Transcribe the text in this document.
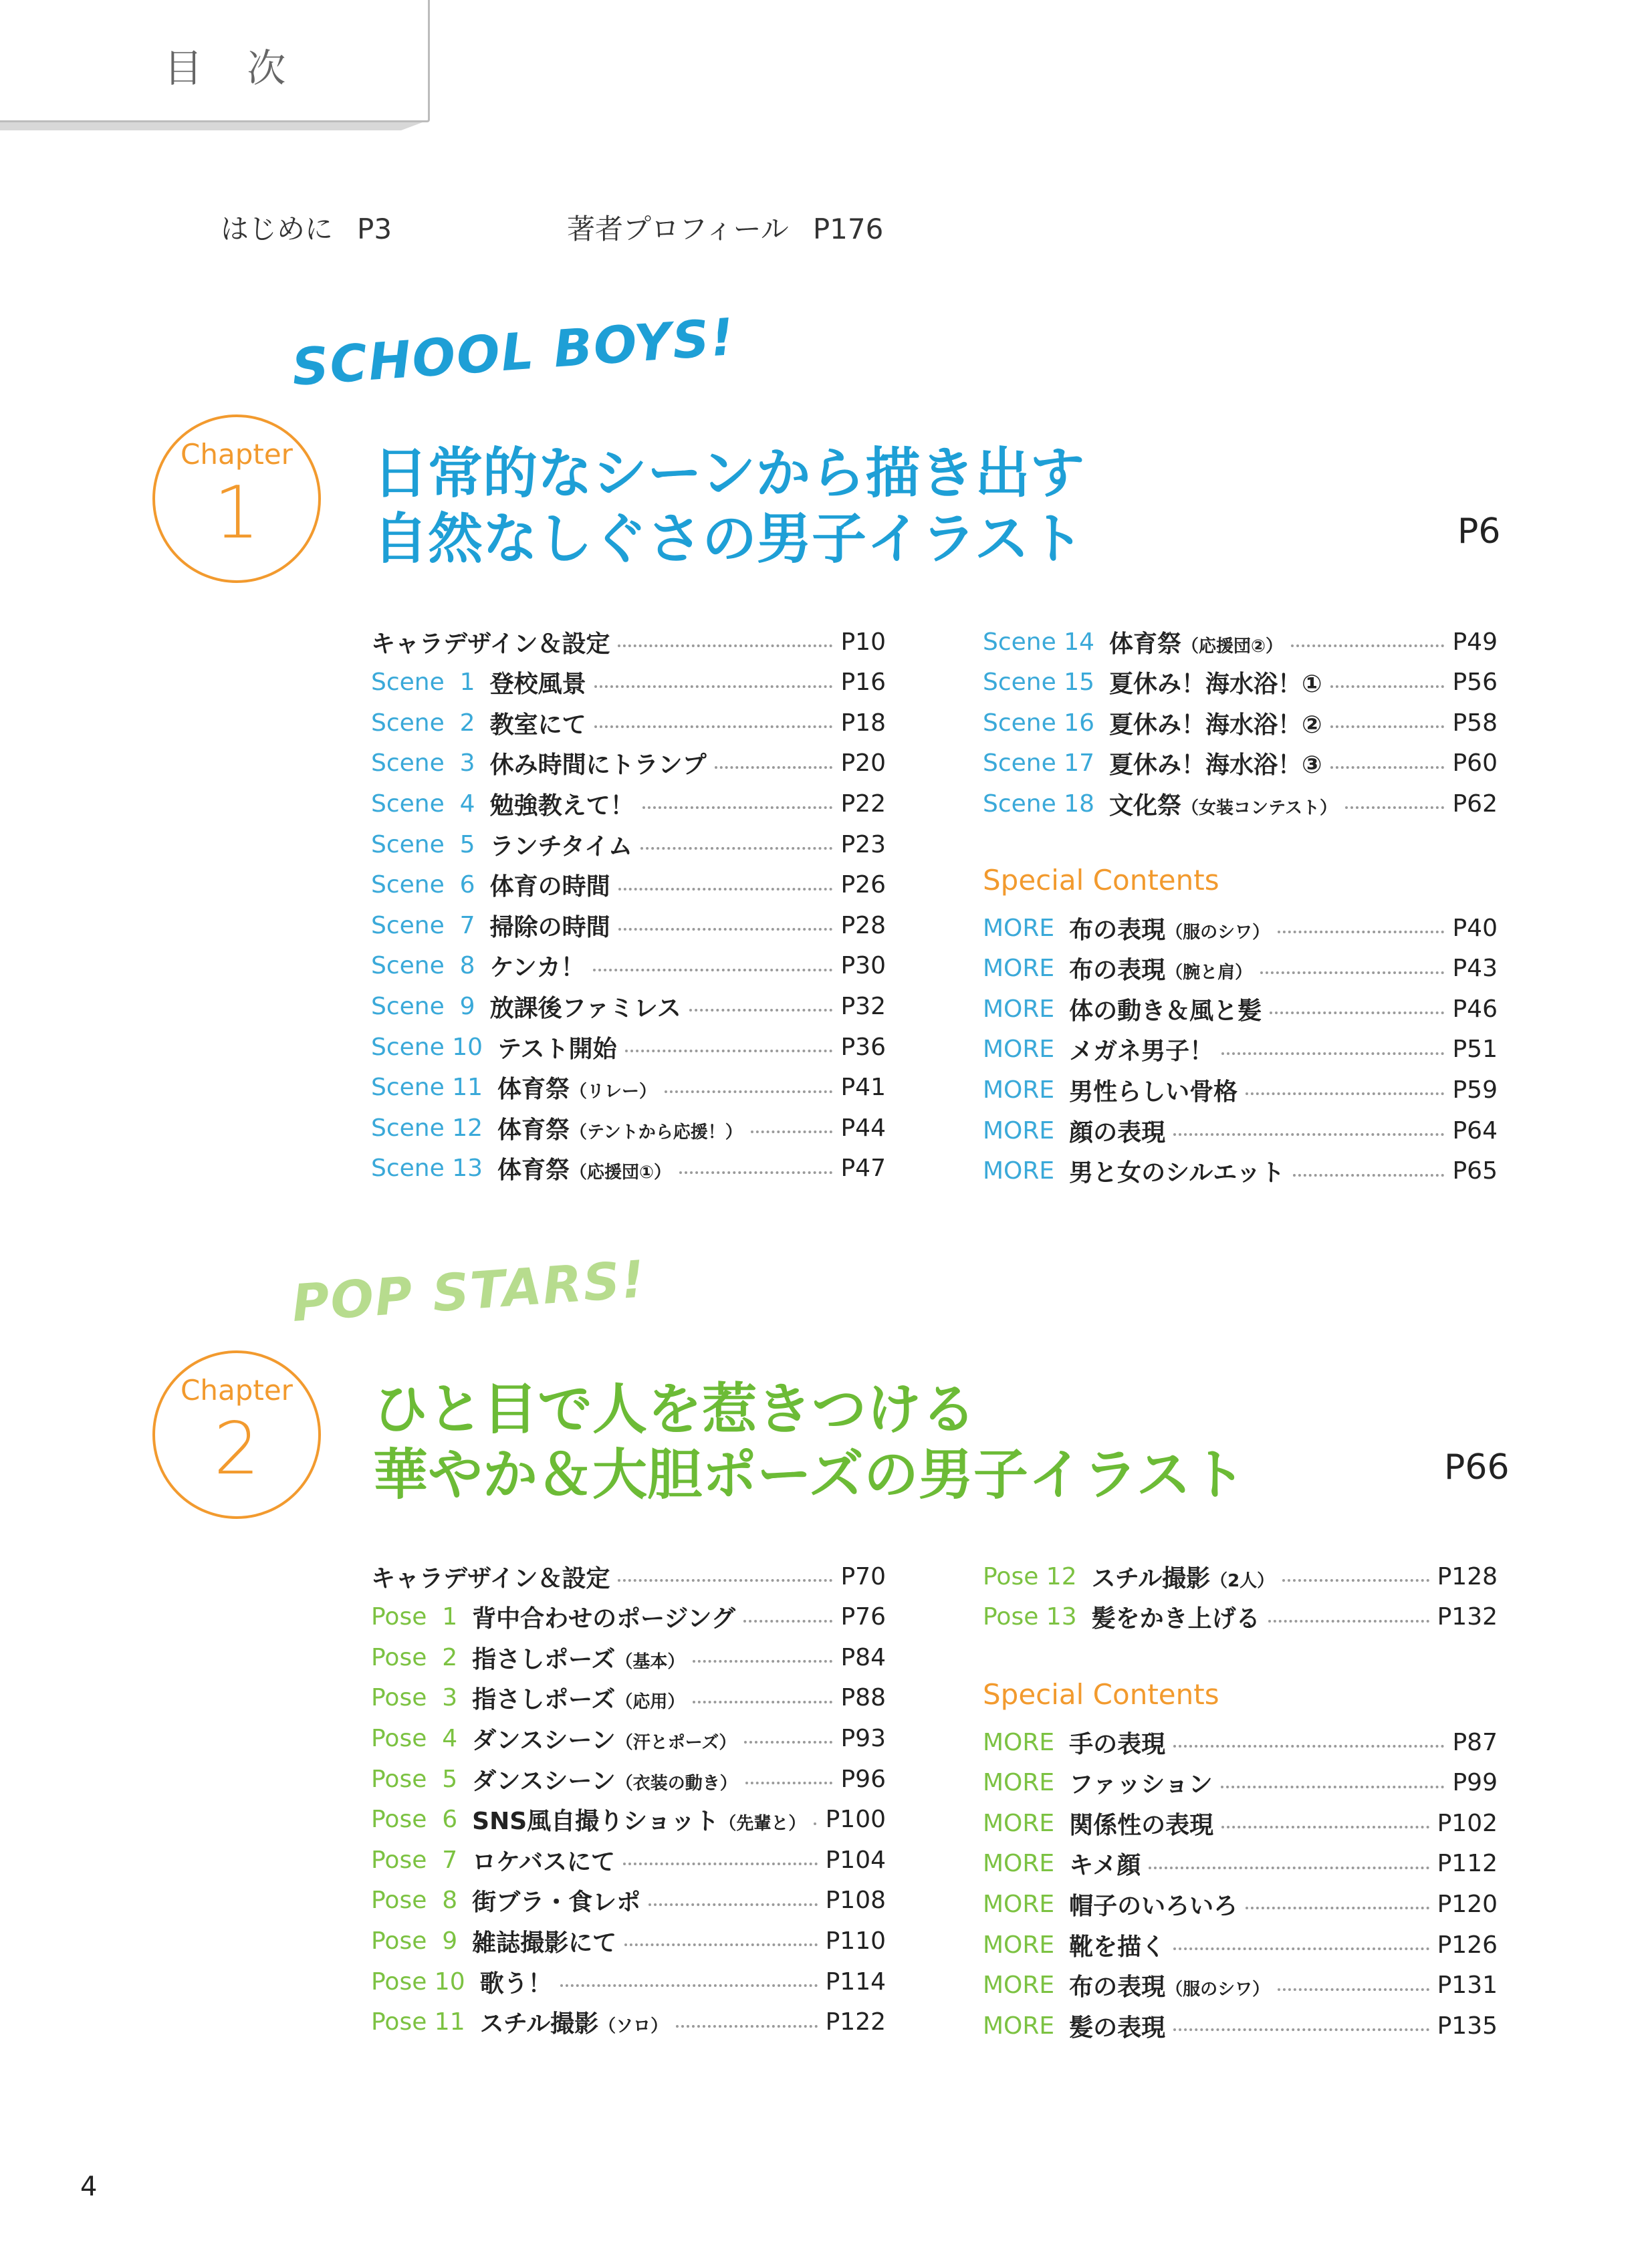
目 次
はじめに P3	著者プロフィール P176
SCHOOL BOYS!
Chapter
1	日常的なシーンから描き出す
自然なしぐさの男子イラスト	P6
キャラデザイン＆設定	P10
Scene  1 登校風景	P16
Scene  2 教室にて	P18
Scene  3 休み時間にトランプ	P20
Scene  4 勉強教えて！	P22
Scene  5 ランチタイム	P23
Scene  6 体育の時間	P26
Scene  7 掃除の時間	P28
Scene  8 ケンカ！	P30
Scene  9 放課後ファミレス	P32
Scene 10 テスト開始	P36
Scene 11 体育祭（リレー）	P41
Scene 12 体育祭（テントから応援！）	P44
Scene 13 体育祭（応援団①）	P47
Scene 14 体育祭（応援団②）	P49
Scene 15 夏休み！海水浴！①	P56
Scene 16 夏休み！海水浴！②	P58
Scene 17 夏休み！海水浴！③	P60
Scene 18 文化祭（女装コンテスト）	P62
Special Contents
MORE 布の表現（服のシワ）	P40
MORE 布の表現（腕と肩）	P43
MORE 体の動き＆風と髪	P46
MORE メガネ男子！	P51
MORE 男性らしい骨格	P59
MORE 顔の表現	P64
MORE 男と女のシルエット	P65
POP STARS!
Chapter
2	ひと目で人を惹きつける
華やか＆大胆ポーズの男子イラスト	P66
キャラデザイン＆設定	P70
Pose  1 背中合わせのポージング	P76
Pose  2 指さしポーズ（基本）	P84
Pose  3 指さしポーズ（応用）	P88
Pose  4 ダンスシーン（汗とポーズ）	P93
Pose  5 ダンスシーン（衣装の動き）	P96
Pose  6 SNS風自撮りショット（先輩と） P100
Pose  7 ロケバスにて	P104
Pose  8 街ブラ・食レポ	P108
Pose  9 雑誌撮影にて	P110
Pose 10 歌う！	P114
Pose 11 スチル撮影（ソロ）	P122
Pose 12 スチル撮影（2人）	P128
Pose 13 髪をかき上げる	P132
Special Contents
MORE 手の表現	P87
MORE ファッション	P99
MORE 関係性の表現	P102
MORE キメ顔	P112
MORE 帽子のいろいろ	P120
MORE 靴を描く	P126
MORE 布の表現（服のシワ）	P131
MORE 髪の表現	P135
4
